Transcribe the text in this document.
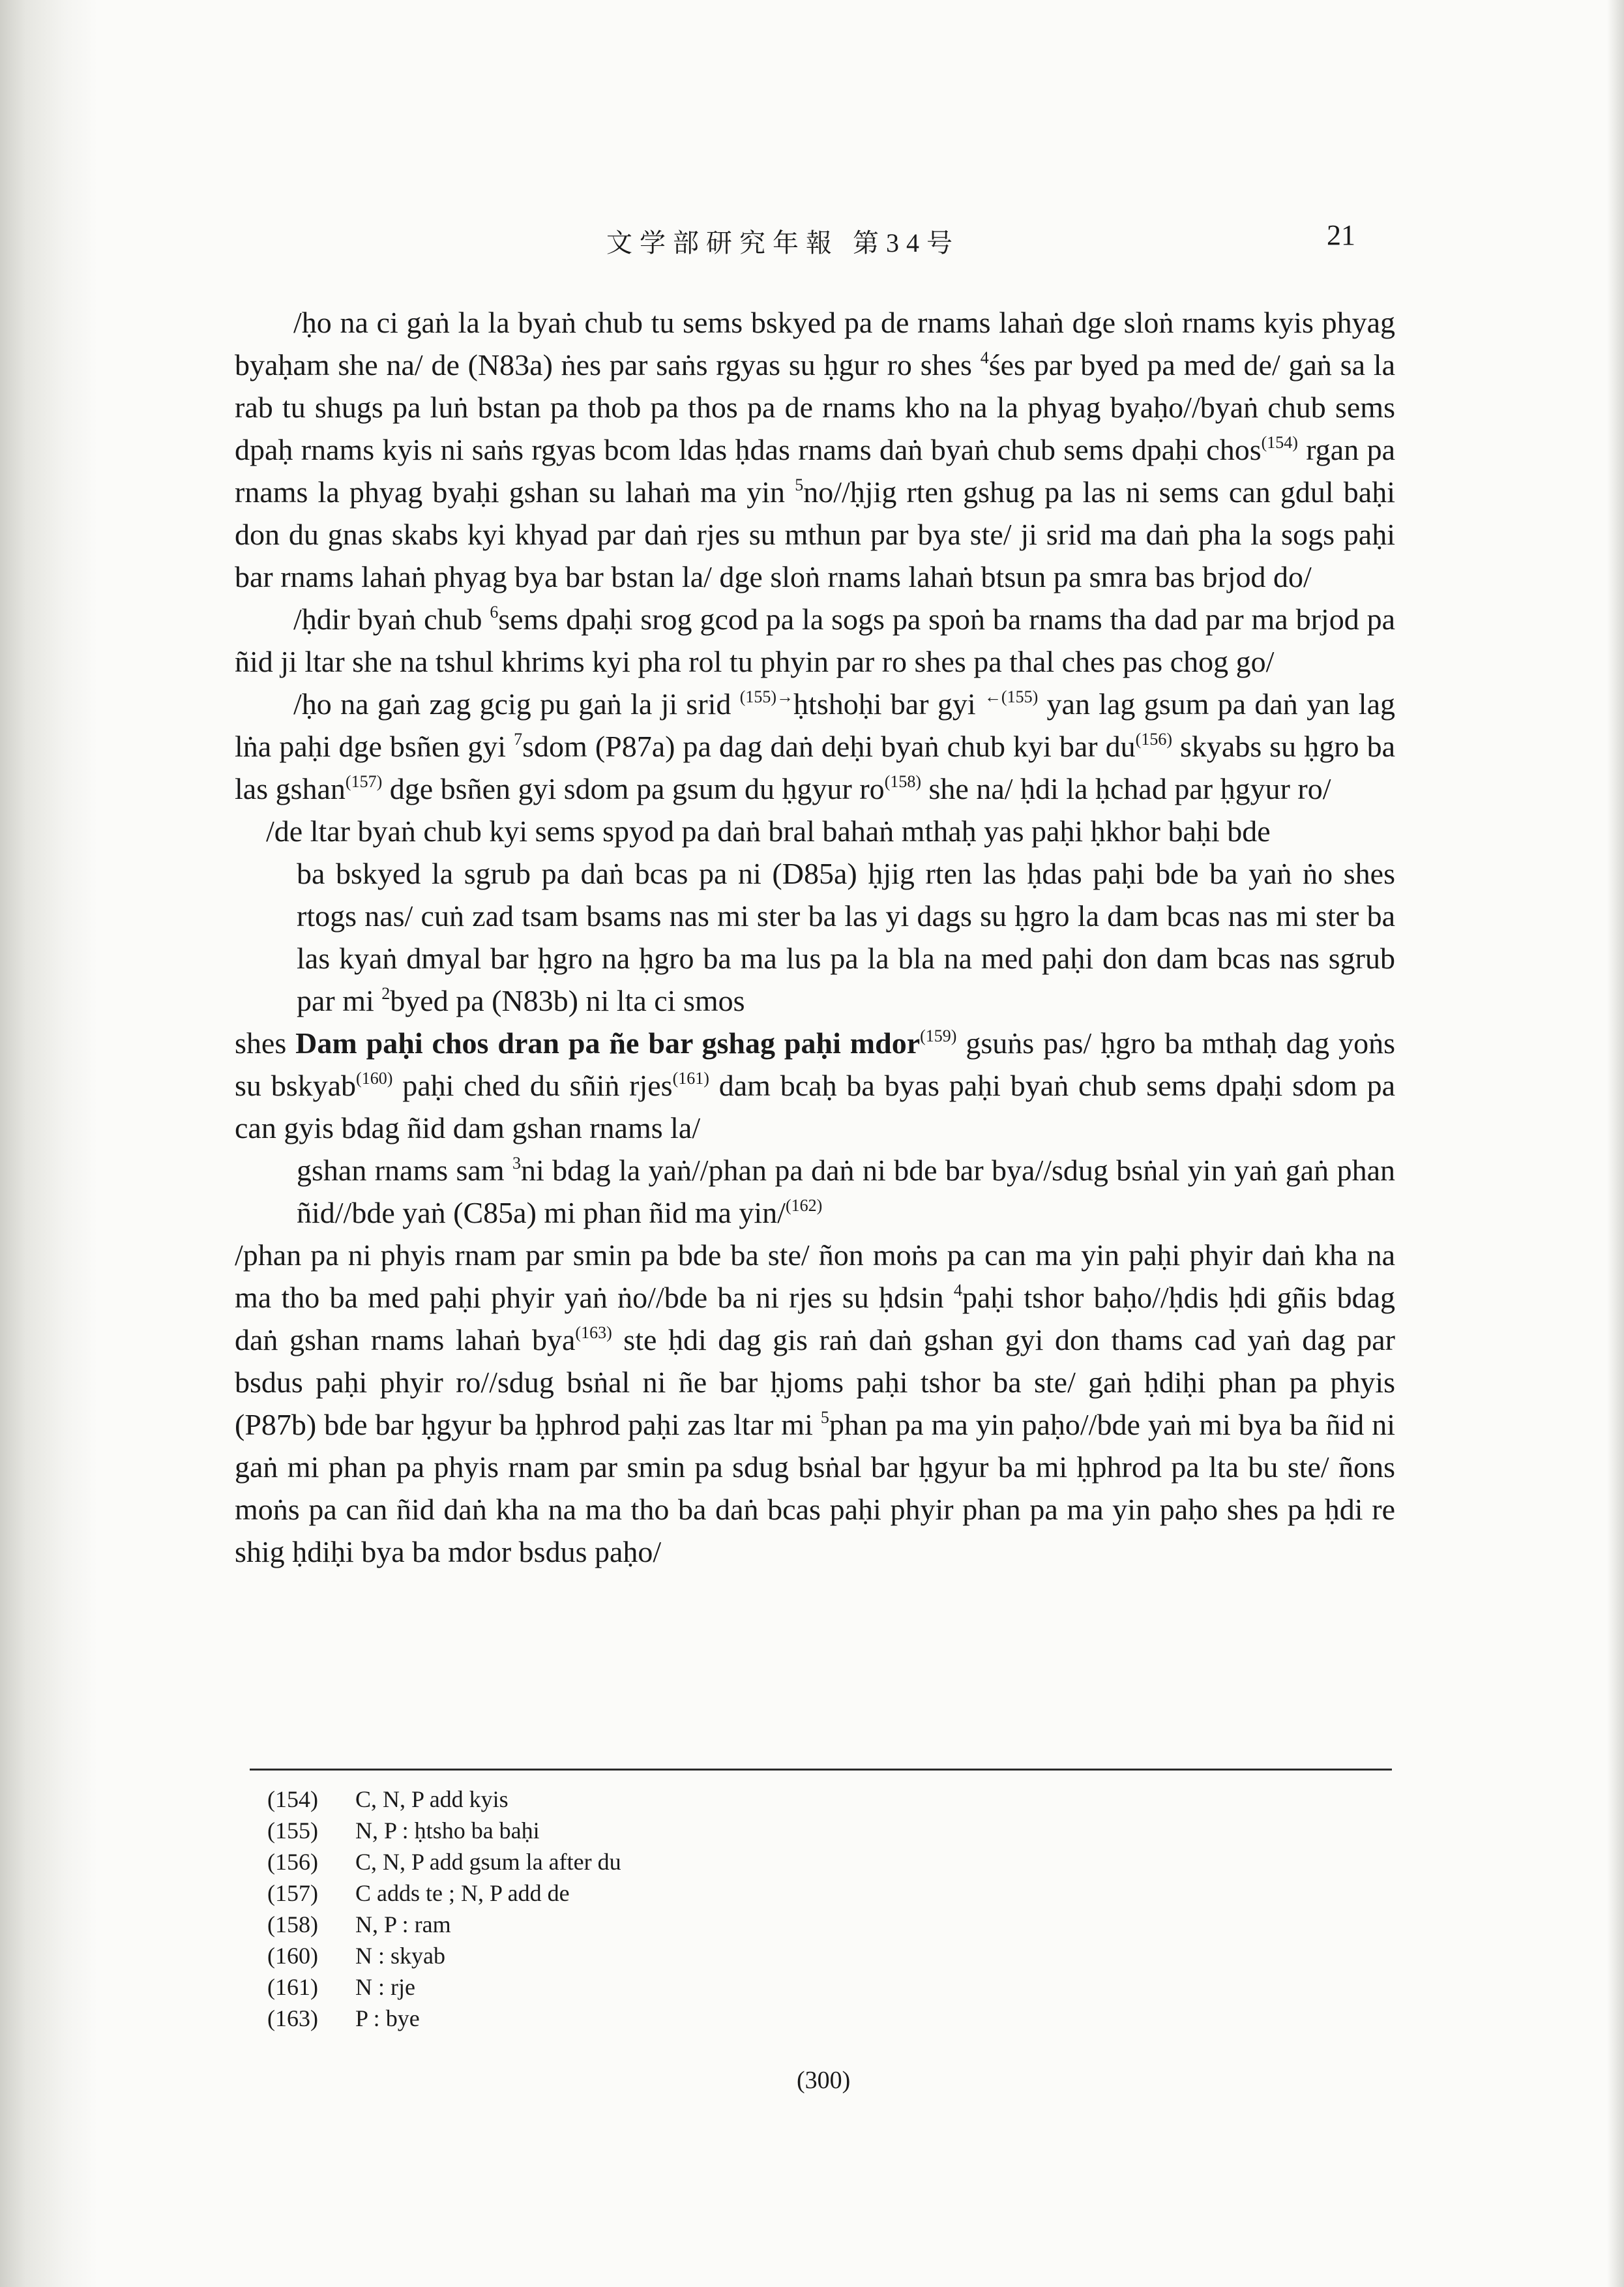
文学部研究年報 第34号	21

/ḥo na ci gaṅ la la byaṅ chub tu sems bskyed pa de rnams lahaṅ dge sloṅ rnams kyis phyag byaḥam she na/ de (N83a) ṅes par saṅs rgyas su ḥgur ro shes $^4$śes par byed pa med de/ gaṅ sa la rab tu shugs pa luṅ bstan pa thob pa thos pa de rnams kho na la phyag byaḥo//byaṅ chub sems dpaḥ rnams kyis ni saṅs rgyas bcom ldas ḥdas rnams daṅ byaṅ chub sems dpaḥi chos$^{(154)}$ rgan pa rnams la phyag byaḥi gshan su lahaṅ ma yin $^5$no//ḥjig rten gshug pa las ni sems can gdul baḥi don du gnas skabs kyi khyad par daṅ rjes su mthun par bya ste/ ji srid ma daṅ pha la sogs paḥi bar rnams lahaṅ phyag bya bar bstan la/ dge sloṅ rnams lahaṅ btsun pa smra bas brjod do/

/ḥdir byaṅ chub $^6$sems dpaḥi srog gcod pa la sogs pa spoṅ ba rnams tha dad par ma brjod pa ñid ji ltar she na tshul khrims kyi pha rol tu phyin par ro shes pa thal ches pas chog go/

/ḥo na gaṅ zag gcig pu gaṅ la ji srid $^{(155)\to}$ḥtshoḥi bar gyi $^{\leftarrow(155)}$ yan lag gsum pa daṅ yan lag lṅa paḥi dge bsñen gyi $^7$sdom (P87a) pa dag daṅ deḥi byaṅ chub kyi bar $du^{(156)}$ skyabs su ḥgro ba las gshan$^{(157)}$ dge bsñen gyi sdom pa gsum du ḥgyur $ro^{(158)}$ she na/ ḥdi la ḥchad par ḥgyur ro/

/de ltar byaṅ chub kyi sems spyod pa daṅ bral bahaṅ mthaḥ yas paḥi ḥkhor baḥi bde

ba bskyed la sgrub pa daṅ bcas pa ni (D85a) ḥjig rten las ḥdas paḥi bde ba yaṅ ṅo shes rtogs nas/ cuṅ zad tsam bsams nas mi ster ba las yi dags su ḥgro la dam bcas nas mi ster ba las kyaṅ dmyal bar ḥgro na ḥgro ba ma lus pa la bla na med paḥi don dam bcas nas sgrub par mi $^2$byed pa (N83b) ni lta ci smos

shes Dam paḥi chos dran pa ñe bar gshag paḥi mdor$^{(159)}$ gsuṅs pas/ ḥgro ba mthaḥ dag yoṅs su bskyab$^{(160)}$ paḥi ched du sñiṅ rjes$^{(161)}$ dam bcaḥ ba byas paḥi byaṅ chub sems dpaḥi sdom pa can gyis bdag ñid dam gshan rnams la/

gshan rnams sam $^3$ni bdag la yaṅ//phan pa daṅ ni bde bar bya//sdug bsṅal yin yaṅ gaṅ phan ñid//bde yaṅ (C85a) mi phan ñid ma yin/$^{(162)}$

/phan pa ni phyis rnam par smin pa bde ba ste/ ñon moṅs pa can ma yin paḥi phyir daṅ kha na ma tho ba med paḥi phyir yaṅ ṅo//bde ba ni rjes su ḥdsin $^4$paḥi tshor baḥo//ḥdis ḥdi gñis bdag daṅ gshan rnams lahaṅ bya$^{(163)}$ ste ḥdi dag gis raṅ daṅ gshan gyi don thams cad yaṅ dag par bsdus paḥi phyir ro//sdug bsṅal ni ñe bar ḥjoms paḥi tshor ba ste/ gaṅ ḥdiḥi phan pa phyis (P87b) bde bar ḥgyur ba ḥphrod paḥi zas ltar mi $^5$phan pa ma yin paḥo//bde yaṅ mi bya ba ñid ni gaṅ mi phan pa phyis rnam par smin pa sdug bsṅal bar ḥgyur ba mi ḥphrod pa lta bu ste/ ñons moṅs pa can ñid daṅ kha na ma tho ba daṅ bcas paḥi phyir phan pa ma yin paḥo shes pa ḥdi re shig ḥdiḥi bya ba mdor bsdus paḥo/

(154)	C, N, P add kyis
(155)	N, P : ḥtsho ba baḥi
(156)	C, N, P add gsum la after du
(157)	C adds te ; N, P add de
(158)	N, P : ram
(160)	N : skyab
(161)	N : rje
(163)	P : bye
(300)
